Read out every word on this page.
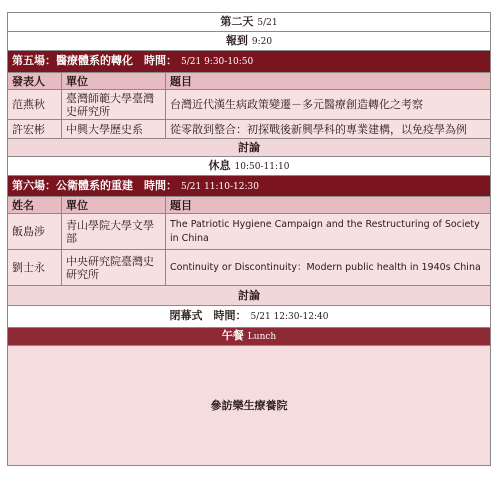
第二天 5/21		
報到 9:20		
第五場：醫療體系的轉化　時間： 5/21 9:30-10:50		
發表人	單位	題目
范燕秋	臺灣師範大學臺灣史研究所	台灣近代漢生病政策變遷－多元醫療創造轉化之考察
許宏彬	中興大學歷史系	從零散到整合：初探戰後新興學科的專業建構，以免疫學為例
討論		
休息 10:50-11:10		
第六場：公衛體系的重建　時間： 5/21 11:10-12:30		
姓名	單位	題目
飯島涉	青山學院大學文學部	The Patriotic Hygiene Campaign and the Restructuring of Society in China
劉士永	中央研究院臺灣史研究所	Continuity or Discontinuity：Modern public health in 1940s China
討論		
閉幕式　時間： 5/21 12:30-12:40		
午餐 Lunch		
參訪樂生療養院		
